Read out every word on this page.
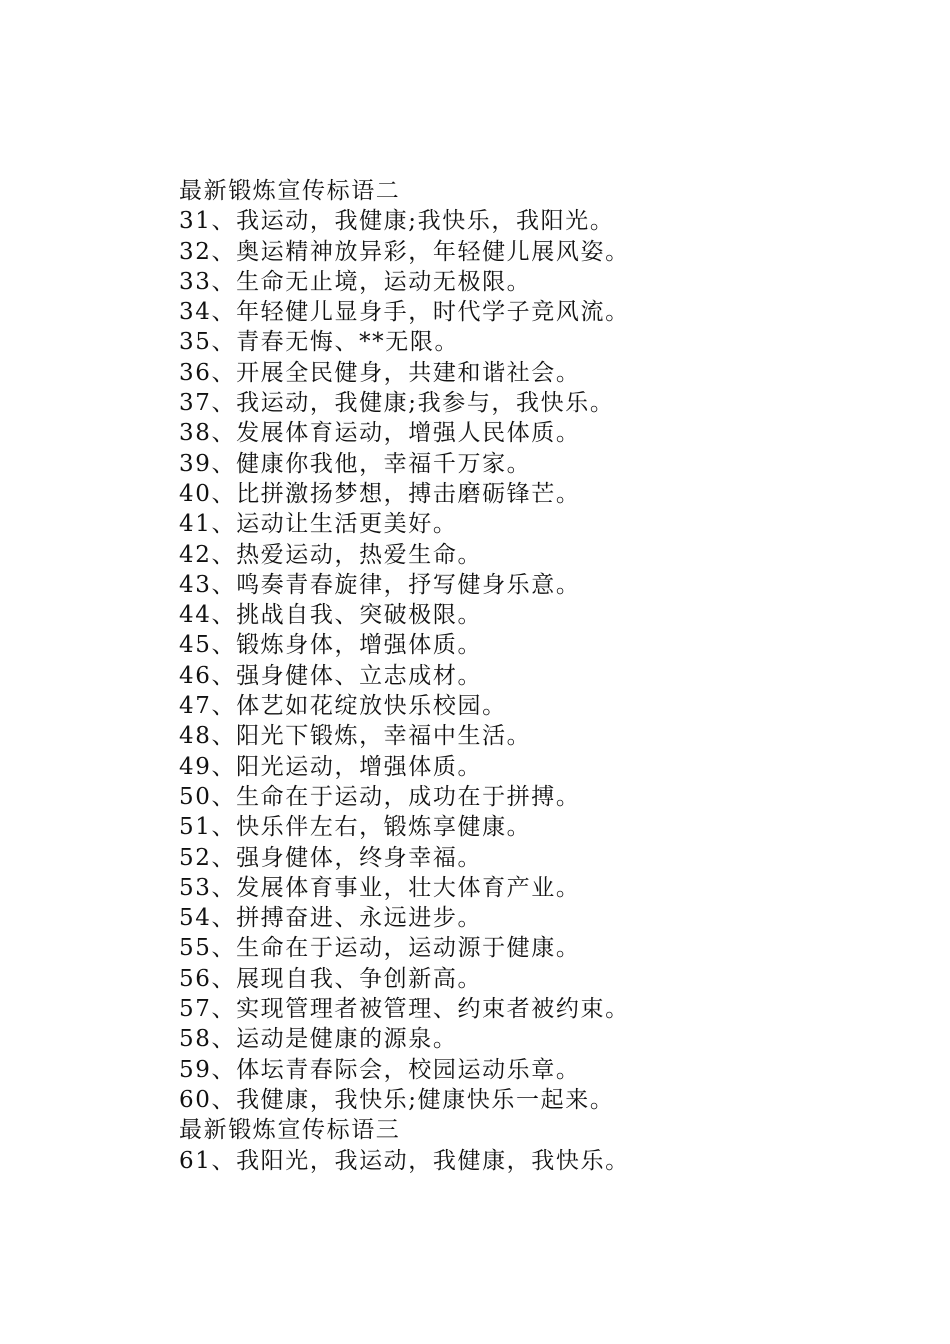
最新锻炼宣传标语二
31、我运动，我健康;我快乐，我阳光。
32、奥运精神放异彩，年轻健儿展风姿。
33、生命无止境，运动无极限。
34、年轻健儿显身手，时代学子竞风流。
35、青春无悔、**无限。
36、开展全民健身，共建和谐社会。
37、我运动，我健康;我参与，我快乐。
38、发展体育运动，增强人民体质。
39、健康你我他，幸福千万家。
40、比拼激扬梦想，搏击磨砺锋芒。
41、运动让生活更美好。
42、热爱运动，热爱生命。
43、鸣奏青春旋律，抒写健身乐意。
44、挑战自我、突破极限。
45、锻炼身体，增强体质。
46、强身健体、立志成材。
47、体艺如花绽放快乐校园。
48、阳光下锻炼，幸福中生活。
49、阳光运动，增强体质。
50、生命在于运动，成功在于拼搏。
51、快乐伴左右，锻炼享健康。
52、强身健体，终身幸福。
53、发展体育事业，壮大体育产业。
54、拼搏奋进、永远进步。
55、生命在于运动，运动源于健康。
56、展现自我、争创新高。
57、实现管理者被管理、约束者被约束。
58、运动是健康的源泉。
59、体坛青春际会，校园运动乐章。
60、我健康，我快乐;健康快乐一起来。
最新锻炼宣传标语三
61、我阳光，我运动，我健康，我快乐。
